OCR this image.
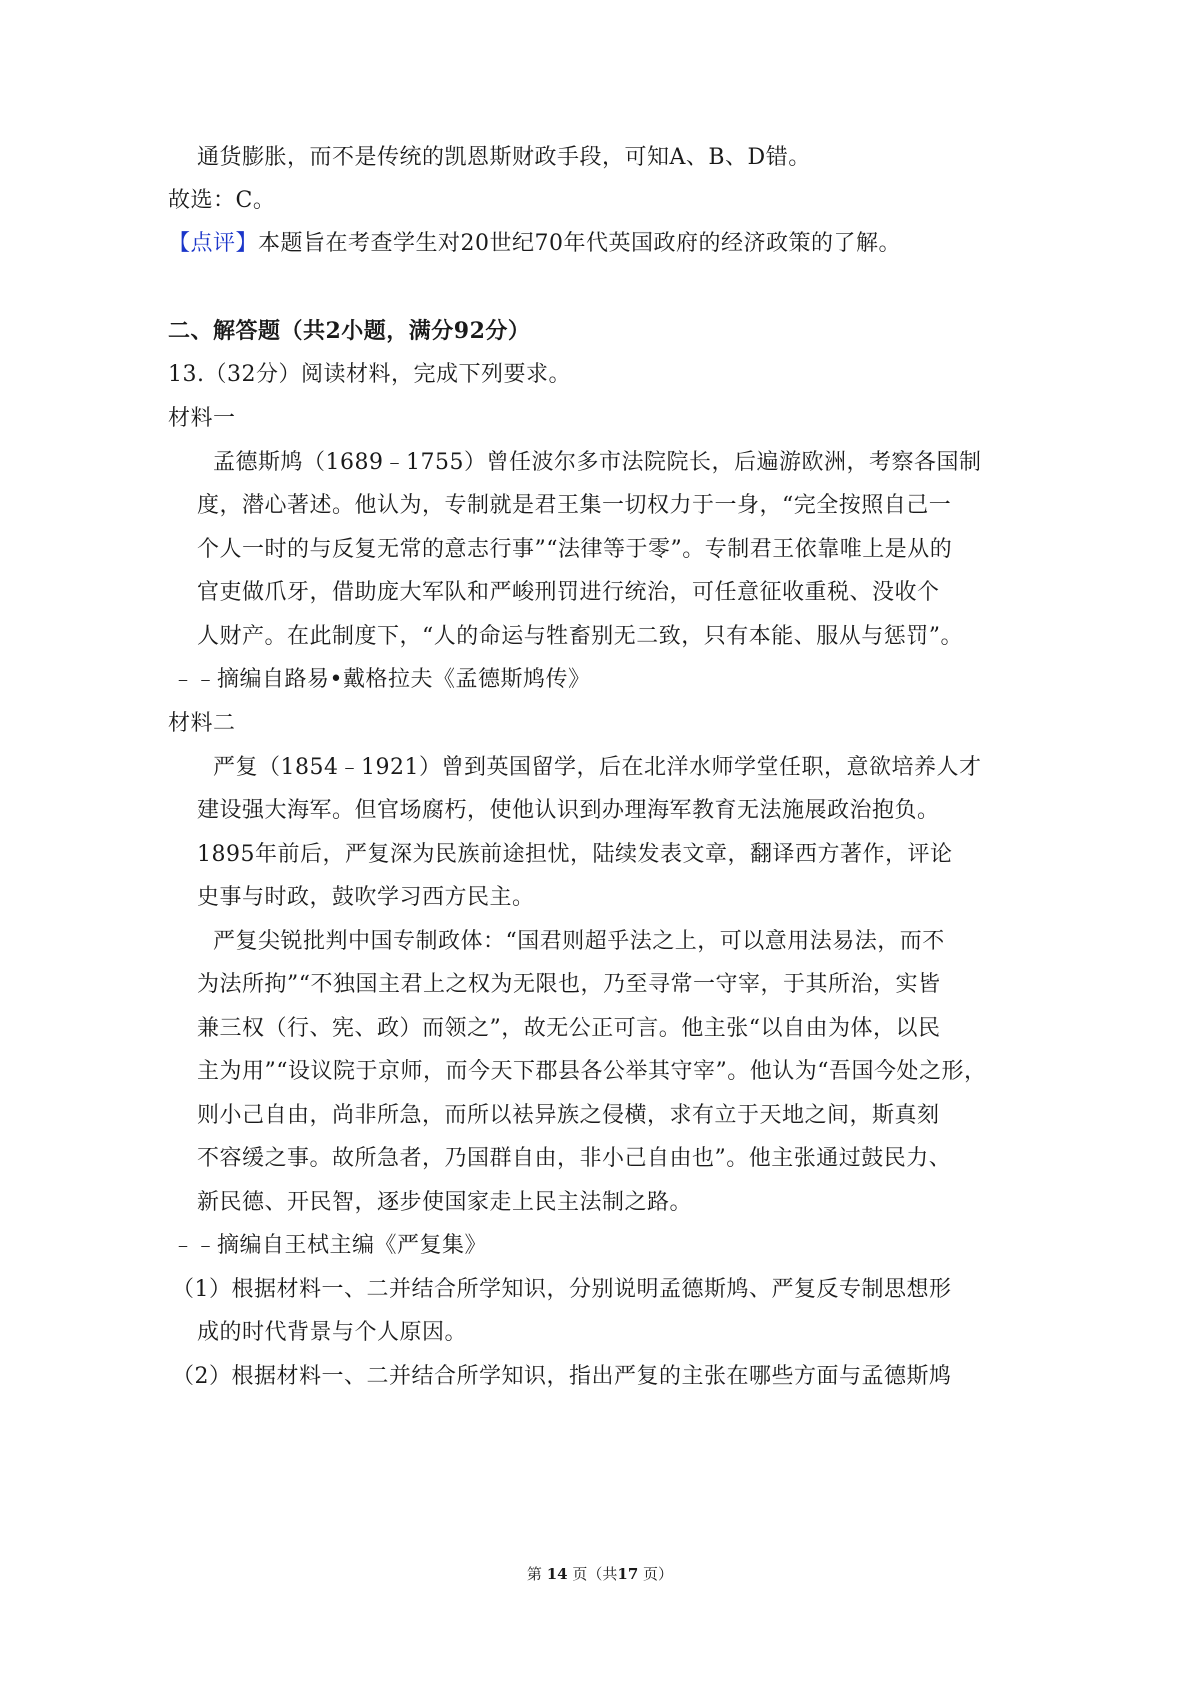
通货膨胀，而不是传统的凯恩斯财政手段，可知A、B、D错。
故选：C。
【点评】本题旨在考查学生对20世纪70年代英国政府的经济政策的了解。
二、解答题（共2小题，满分92分）
13.（32分）阅读材料，完成下列要求。
材料一
孟德斯鸠（1689﹣1755）曾任波尔多市法院院长，后遍游欧洲，考察各国制
度，潜心著述。他认为，专制就是君王集一切权力于一身，“完全按照自己一
个人一时的与反复无常的意志行事”“法律等于零”。专制君王依靠唯上是从的
官吏做爪牙，借助庞大军队和严峻刑罚进行统治，可任意征收重税、没收个
人财产。在此制度下，“人的命运与牲畜别无二致，只有本能、服从与惩罚”。
﹣﹣摘编自路易•戴格拉夫《孟德斯鸠传》
材料二
严复（1854﹣1921）曾到英国留学，后在北洋水师学堂任职，意欲培养人才
建设强大海军。但官场腐朽，使他认识到办理海军教育无法施展政治抱负。
1895年前后，严复深为民族前途担忧，陆续发表文章，翻译西方著作，评论
史事与时政，鼓吹学习西方民主。
严复尖锐批判中国专制政体：“国君则超乎法之上，可以意用法易法，而不
为法所拘”“不独国主君上之权为无限也，乃至寻常一守宰，于其所治，实皆
兼三权（行、宪、政）而领之”，故无公正可言。他主张“以自由为体，以民
主为用”“设议院于京师，而今天下郡县各公举其守宰”。他认为“吾国今处之形，
则小己自由，尚非所急，而所以袪异族之侵横，求有立于天地之间，斯真刻
不容缓之事。故所急者，乃国群自由，非小己自由也”。他主张通过鼓民力、
新民德、开民智，逐步使国家走上民主法制之路。
﹣﹣摘编自王栻主编《严复集》
（1）根据材料一、二并结合所学知识，分别说明孟德斯鸠、严复反专制思想形
成的时代背景与个人原因。
（2）根据材料一、二并结合所学知识，指出严复的主张在哪些方面与孟德斯鸠
第 14 页（共17 页）
